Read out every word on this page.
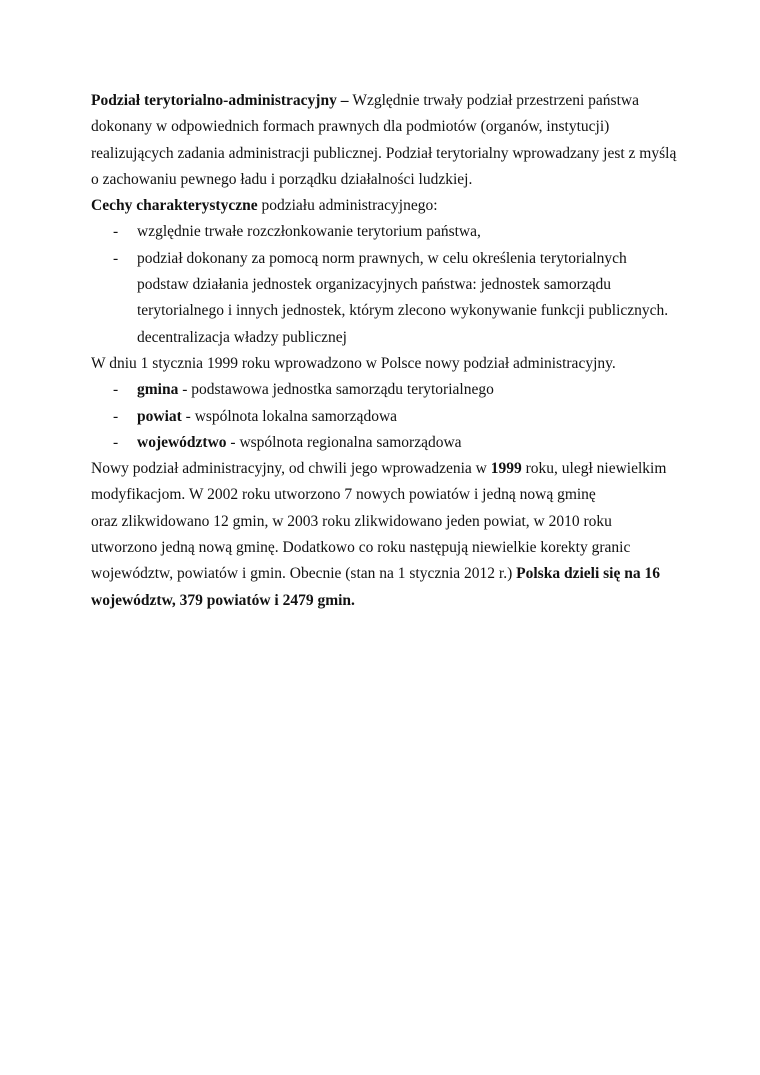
Podział terytorialno-administracyjny – Względnie trwały podział przestrzeni państwa
dokonany w odpowiednich formach prawnych dla podmiotów (organów, instytucji)
realizujących zadania administracji publicznej. Podział terytorialny wprowadzany jest z myślą
o zachowaniu pewnego ładu i porządku działalności ludzkiej.

Cechy charakterystyczne podziału administracyjnego:

- względnie trwałe rozczłonkowanie terytorium państwa,
- podział dokonany za pomocą norm prawnych, w celu określenia terytorialnych
podstaw działania jednostek organizacyjnych państwa: jednostek samorządu
terytorialnego i innych jednostek, którym zlecono wykonywanie funkcji publicznych.
decentralizacja władzy publicznej

W dniu 1 stycznia 1999 roku wprowadzono w Polsce nowy podział administracyjny.

- gmina - podstawowa jednostka samorządu terytorialnego
- powiat - wspólnota lokalna samorządowa
- województwo - wspólnota regionalna samorządowa

Nowy podział administracyjny, od chwili jego wprowadzenia w 1999 roku, uległ niewielkim
modyfikacjom. W 2002 roku utworzono 7 nowych powiatów i jedną nową gminę
oraz zlikwidowano 12 gmin, w 2003 roku zlikwidowano jeden powiat, w 2010 roku
utworzono jedną nową gminę. Dodatkowo co roku następują niewielkie korekty granic
województw, powiatów i gmin. Obecnie (stan na 1 stycznia 2012 r.) Polska dzieli się na 16
województw, 379 powiatów i 2479 gmin.
